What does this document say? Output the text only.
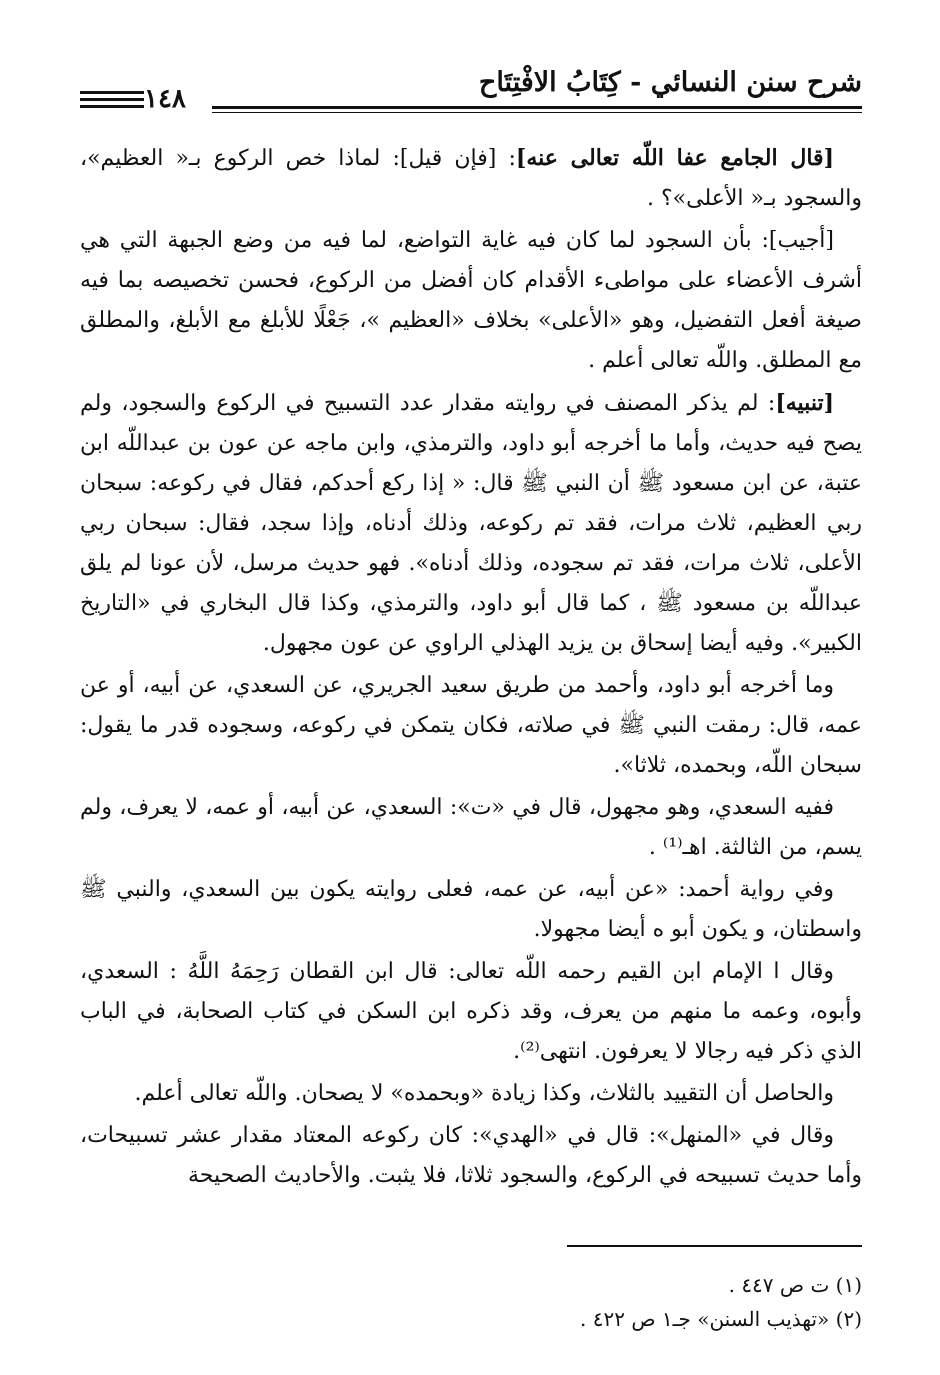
شرح سنن النسائي - كِتَابُ الافْتِتَاح
١٤٨

[قال الجامع عفا اللّه تعالى عنه]: [فإن قيل]: لماذا خص الركوع بـ« العظيم»، والسجود بـ« الأعلى»؟ .

[أجيب]: بأن السجود لما كان فيه غاية التواضع، لما فيه من وضع الجبهة التي هي أشرف الأعضاء على مواطىء الأقدام كان أفضل من الركوع، فحسن تخصيصه بما فيه صيغة أفعل التفضيل، وهو «الأعلى» بخلاف «العظيم »، جَعْلًا للأبلغ مع الأبلغ، والمطلق مع المطلق. واللّه تعالى أعلم .

[تنبيه]: لم يذكر المصنف في روايته مقدار عدد التسبيح في الركوع والسجود، ولم يصح فيه حديث، وأما ما أخرجه أبو داود، والترمذي، وابن ماجه عن عون بن عبداللّه ابن عتبة، عن ابن مسعود ﷺ أن النبي ﷺ قال: « إذا ركع أحدكم، فقال في ركوعه: سبحان ربي العظيم، ثلاث مرات، فقد تم ركوعه، وذلك أدناه، وإذا سجد، فقال: سبحان ربي الأعلى، ثلاث مرات، فقد تم سجوده، وذلك أدناه». فهو حديث مرسل، لأن عونا لم يلق عبداللّه بن مسعود ﷺ ، كما قال أبو داود، والترمذي، وكذا قال البخاري في «التاريخ الكبير». وفيه أيضا إسحاق بن يزيد الهذلي الراوي عن عون مجهول.

وما أخرجه أبو داود، وأحمد من طريق سعيد الجريري، عن السعدي، عن أبيه، أو عن عمه، قال: رمقت النبي ﷺ في صلاته، فكان يتمكن في ركوعه، وسجوده قدر ما يقول: سبحان اللّه، وبحمده، ثلاثا».

ففيه السعدي، وهو مجهول، قال في «ت»: السعدي، عن أبيه، أو عمه، لا يعرف، ولم يسم، من الثالثة. اهـ⁽¹⁾ .

وفي رواية أحمد: «عن أبيه، عن عمه، فعلى روايته يكون بين السعدي، والنبي ﷺ واسطتان، و يكون أبو ه أيضا مجهولا.

وقال ا الإمام ابن القيم رحمه اللّه تعالى: قال ابن القطان رَحِمَهُ اللَّهُ : السعدي، وأبوه، وعمه ما منهم من يعرف، وقد ذكره ابن السكن في كتاب الصحابة، في الباب الذي ذكر فيه رجالا لا يعرفون. انتهى⁽²⁾.

والحاصل أن التقييد بالثلاث، وكذا زيادة «وبحمده» لا يصحان. واللّه تعالى أعلم.

وقال في «المنهل»: قال في «الهدي»: كان ركوعه المعتاد مقدار عشر تسبيحات، وأما حديث تسبيحه في الركوع، والسجود ثلاثا، فلا يثبت. والأحاديث الصحيحة

(١) ت ص ٤٤٧ .
(٢) «تهذيب السنن» جـ١ ص ٤٢٢ .
